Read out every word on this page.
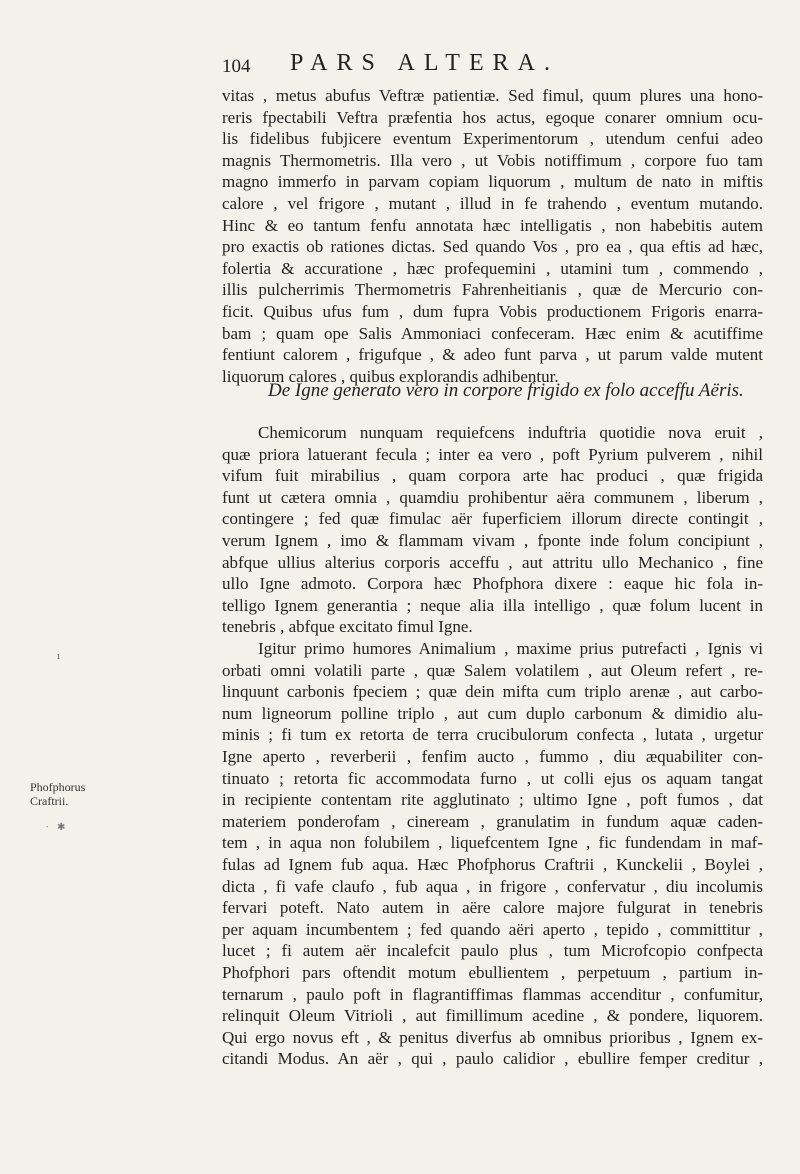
104 PARS ALTERA.
vitas , metus abufus Veftræ patientiæ. Sed fimul, quum plures una hono-
reris fpectabili Veftra præfentia hos actus, egoque conarer omnium ocu-
lis fidelibus fubjicere eventum Experimentorum , utendum cenfui adeo
magnis Thermometris. Illa vero , ut Vobis notiffimum , corpore fuo tam
magno immerfo in parvam copiam liquorum , multum de nato in miftis
calore , vel frigore , mutant , illud in fe trahendo , eventum mutando.
Hinc & eo tantum fenfu annotata hæc intelligatis , non habebitis autem
pro exactis ob rationes dictas. Sed quando Vos , pro ea , qua eftis ad hæc,
folertia & accuratione , hæc profequemini , utamini tum , commendo ,
illis pulcherrimis Thermometris Fahrenheitianis , quæ de Mercurio con-
ficit. Quibus ufus fum , dum fupra Vobis productionem Frigoris enarra-
bam ; quam ope Salis Ammoniaci confeceram. Hæc enim & acutiffime
fentiunt calorem , frigufque , & adeo funt parva , ut parum valde mutent
liquorum calores , quibus explorandis adhibentur.
De Igne generato vero in corpore frigido ex folo acceffu Aëris.
Chemicorum nunquam requiefcens induftria quotidie nova eruit ,
quæ priora latuerant fecula ; inter ea vero , poft Pyrium pulverem , nihil
vifum fuit mirabilius , quam corpora arte hac produci , quæ frigida
funt ut cætera omnia , quamdiu prohibentur aëra communem , liberum ,
contingere ; fed quæ fimulac aër fuperficiem illorum directe contingit ,
verum Ignem , imo & flammam vivam , fponte inde folum concipiunt ,
abfque ullius alterius corporis acceffu , aut attritu ullo Mechanico , fine
ullo Igne admoto. Corpora hæc Phofphora dixere : eaque hic fola in-
telligo Ignem generantia ; neque alia illa intelligo , quæ folum lucent in
tenebris , abfque excitato fimul Igne.
Igitur primo humores Animalium , maxime prius putrefacti , Ignis vi
orbati omni volatili parte , quæ Salem volatilem , aut Oleum refert , re-
linquunt carbonis fpeciem ; quæ dein mifta cum triplo arenæ , aut carbo-
num ligneorum polline triplo , aut cum duplo carbonum & dimidio alu-
minis ; fi tum ex retorta de terra crucibulorum confecta , lutata , urgetur
Igne aperto , reverberii , fenfim aucto , fummo , diu æquabiliter con-
tinuato ; retorta fic accommodata furno , ut colli ejus os aquam tangat
in recipiente contentam rite agglutinato ; ultimo Igne , poft fumos , dat
materiem ponderofam , cineream , granulatim in fundum aquæ caden-
tem , in aqua non folubilem , liquefcentem Igne , fic fundendam in maf-
fulas ad Ignem fub aqua. Hæc Phofphorus Craftrii , Kunckelii , Boylei ,
dicta , fi vafe claufo , fub aqua , in frigore , confervatur , diu incolumis
fervari poteft. Nato autem in aëre calore majore fulgurat in tenebris
per aquam incumbentem ; fed quando aëri aperto , tepido , committitur ,
lucet ; fi autem aër incalefcit paulo plus , tum Microfcopio confpecta
Phofphori pars oftendit motum ebullientem , perpetuum , partium in-
ternarum , paulo poft in flagrantiffimas flammas accenditur , confumitur,
relinquit Oleum Vitrioli , aut fimillimum acedine , & pondere, liquorem.
Qui ergo novus eft , & penitus diverfus ab omnibus prioribus , Ignem ex-
citandi Modus. An aër , qui , paulo calidior , ebullire femper creditur ,
ı
Phofphorus
Craftrii.
∙ ✱
